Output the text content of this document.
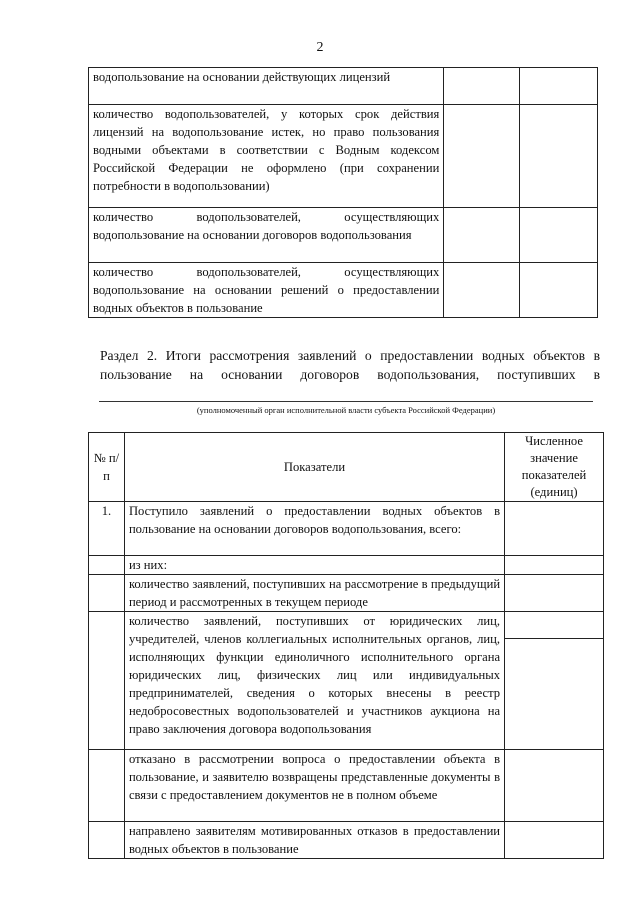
2
водопользование на основании действующих лицензий		
количество водопользователей, у которых срок действия лицензий на водопользование истек, но право пользования водными объектами в соответствии с Водным кодексом Российской Федерации не оформлено (при сохранении потребности в водопользовании)		
количество водопользователей, осуществляющих водопользование на основании договоров водопользования		
количество водопользователей, осуществляющих водопользование на основании решений о предоставлении водных объектов в пользование		
Раздел 2. Итоги рассмотрения заявлений о предоставлении водных объектов в пользование на основании договоров водопользования, поступивших в
(уполномоченный орган исполнительной власти субъекта Российской Федерации)
№ п/п	Показатели	Численное значение показателей (единиц)
1.	Поступило заявлений о предоставлении водных объектов в пользование на основании договоров водопользования, всего:	
	из них:	
	количество заявлений, поступивших на рассмотрение в предыдущий период и рассмотренных в текущем периоде	
	количество заявлений, поступивших от юридических лиц, учредителей, членов коллегиальных исполнительных органов, лиц, исполняющих функции единоличного исполнительного органа юридических лиц, физических лиц или индивидуальных предпринимателей, сведения о которых внесены в реестр недобросовестных водопользователей и участников аукциона на право заключения договора водопользования	

	отказано в рассмотрении вопроса о предоставлении объекта в пользование, и заявителю возвращены представленные документы в связи с предоставлением документов не в полном объеме	
	направлено заявителям мотивированных отказов в предоставлении водных объектов в пользование	
